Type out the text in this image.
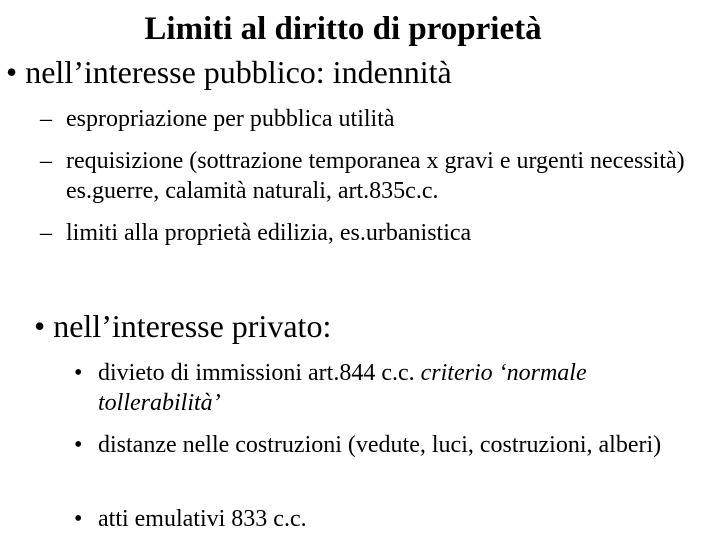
Limiti al diritto di proprietà
• nell’interesse pubblico: indennità
– espropriazione per pubblica utilità
– requisizione (sottrazione temporanea x gravi e urgenti necessità) es.guerre, calamità naturali, art.835c.c.
– limiti alla proprietà edilizia, es.urbanistica
• nell’interesse privato:
• divieto di immissioni art.844 c.c. criterio ‘normale tollerabilità’
• distanze nelle costruzioni (vedute, luci, costruzioni, alberi)
• atti emulativi 833 c.c.
